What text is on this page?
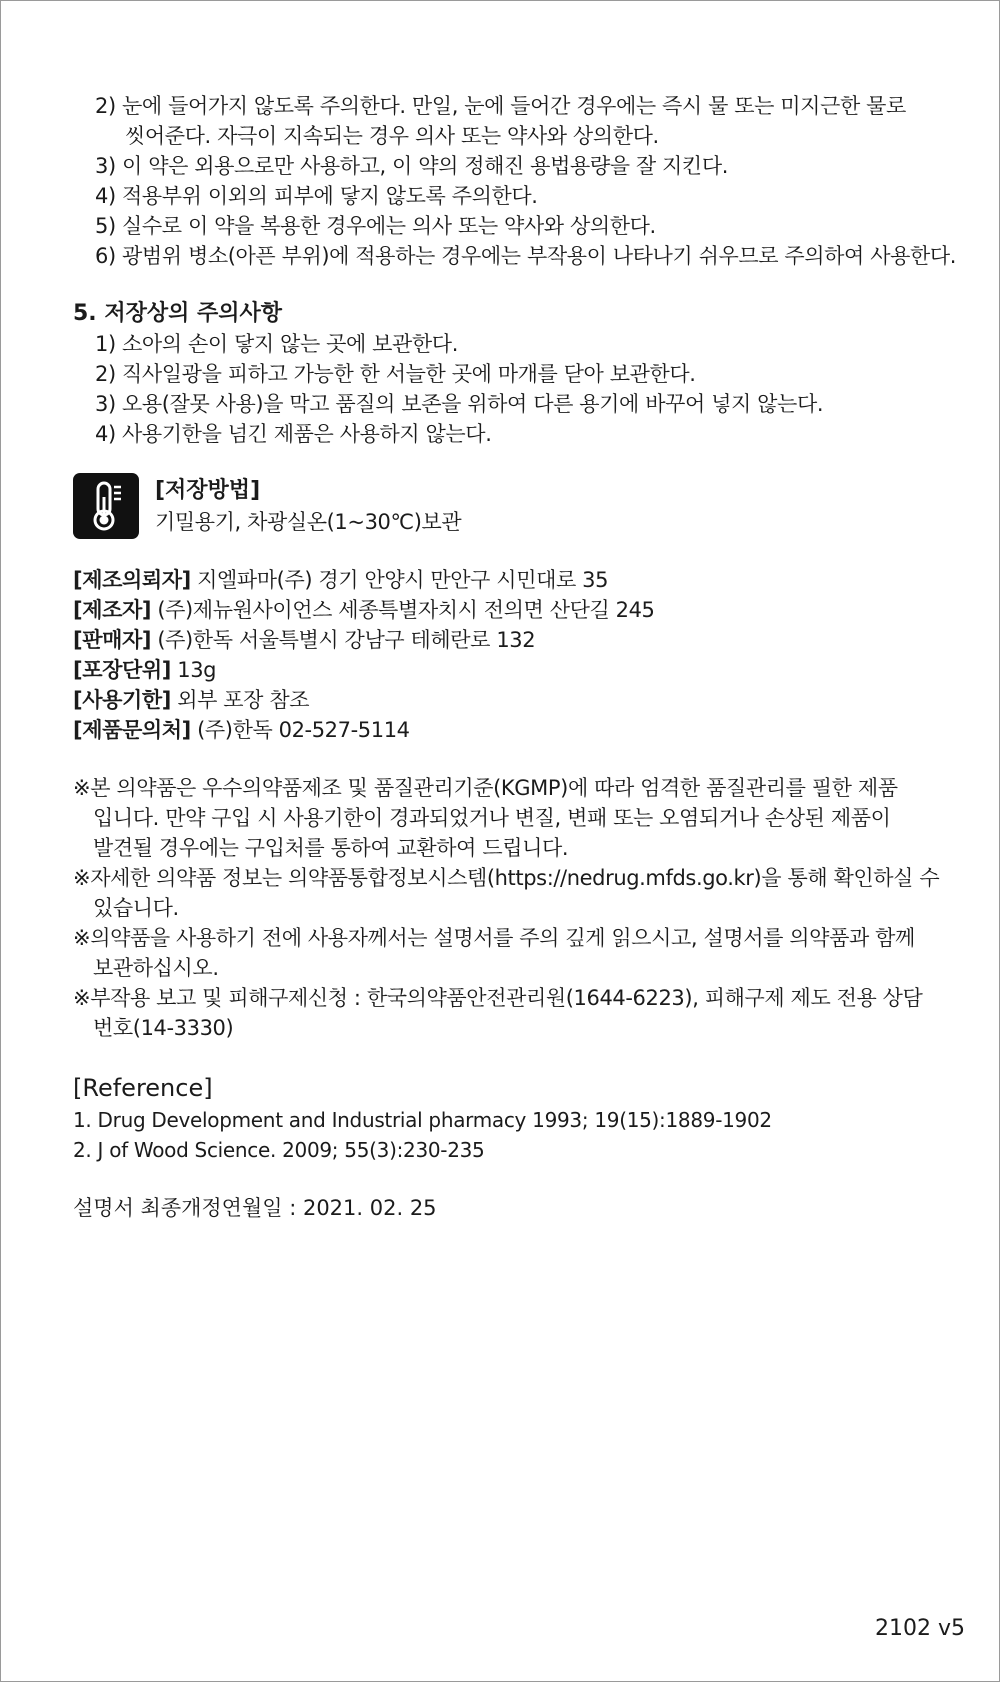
2) 눈에 들어가지 않도록 주의한다. 만일, 눈에 들어간 경우에는 즉시 물 또는 미지근한 물로
씻어준다. 자극이 지속되는 경우 의사 또는 약사와 상의한다.
3) 이 약은 외용으로만 사용하고, 이 약의 정해진 용법용량을 잘 지킨다.
4) 적용부위 이외의 피부에 닿지 않도록 주의한다.
5) 실수로 이 약을 복용한 경우에는 의사 또는 약사와 상의한다.
6) 광범위 병소(아픈 부위)에 적용하는 경우에는 부작용이 나타나기 쉬우므로 주의하여 사용한다.
5. 저장상의 주의사항
1) 소아의 손이 닿지 않는 곳에 보관한다.
2) 직사일광을 피하고 가능한 한 서늘한 곳에 마개를 닫아 보관한다.
3) 오용(잘못 사용)을 막고 품질의 보존을 위하여 다른 용기에 바꾸어 넣지 않는다.
4) 사용기한을 넘긴 제품은 사용하지 않는다.
[저장방법]
기밀용기, 차광실온(1~30℃)보관
[제조의뢰자] 지엘파마(주) 경기 안양시 만안구 시민대로 35
[제조자] (주)제뉴원사이언스 세종특별자치시 전의면 산단길 245
[판매자] (주)한독 서울특별시 강남구 테헤란로 132
[포장단위] 13g
[사용기한] 외부 포장 참조
[제품문의처] (주)한독 02-527-5114
※본 의약품은 우수의약품제조 및 품질관리기준(KGMP)에 따라 엄격한 품질관리를 필한 제품
입니다. 만약 구입 시 사용기한이 경과되었거나 변질, 변패 또는 오염되거나 손상된 제품이
발견될 경우에는 구입처를 통하여 교환하여 드립니다.
※자세한 의약품 정보는 의약품통합정보시스템(https://nedrug.mfds.go.kr)을 통해 확인하실 수
있습니다.
※의약품을 사용하기 전에 사용자께서는 설명서를 주의 깊게 읽으시고, 설명서를 의약품과 함께
보관하십시오.
※부작용 보고 및 피해구제신청 : 한국의약품안전관리원(1644-6223), 피해구제 제도 전용 상담
번호(14-3330)
[Reference]
1. Drug Development and Industrial pharmacy 1993; 19(15):1889-1902
2. J of Wood Science. 2009; 55(3):230-235
설명서 최종개정연월일 : 2021. 02. 25
2102 v5
